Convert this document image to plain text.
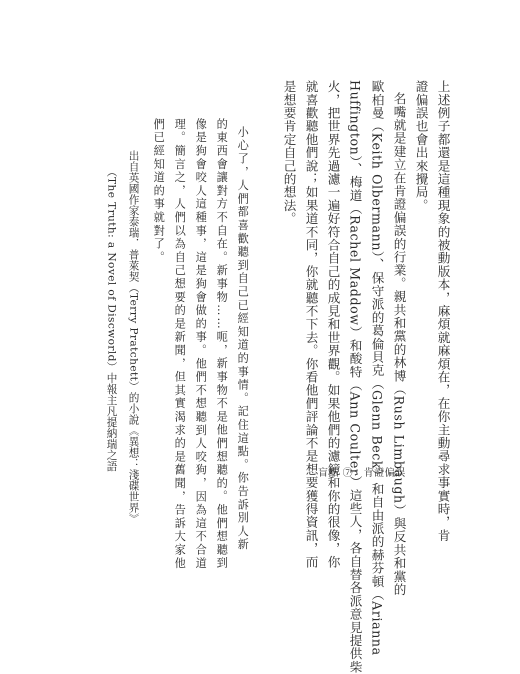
上述例子都還是這種現象的被動版本，麻煩就麻煩在，在你主動尋求事實時，肯

證偏誤也會出來攪局。

名嘴就是建立在肯證偏誤的行業。親共和黨的林博（Rush Limbaugh）與反共和黨的

歐柏曼（Keith Olbermann）、保守派的葛倫貝克（Glenn Beck）和自由派的赫芬頓（Arianna

Huffington）、梅道（Rachel Maddow）和酸特（Ann Coulter）這些人，各自替各派意見提供柴

火，把世界先過濾一遍好符合自己的成見和世界觀。如果他們的濾鏡和你的很像，你

就喜歡聽他們說；如果道不同，你就聽不下去。你看他們評論不是想要獲得資訊，而

是想要肯定自己的想法。

小心了，人們都喜歡聽到自己已經知道的事情。記住這點。你告訴別人新

的東西會讓對方不自在。新事物……呃，新事物不是他們想聽的。他們想聽到

像是狗會咬人這種事，這是狗會做的事。他們不想聽到人咬狗，因為這不合道

理。簡言之，人們以為自己想要的是新聞，但其實渴求的是舊聞，告訴大家他

們已經知道的事就對了。

出自英國作家泰瑞．普萊契（Terry Pratchett）的小說《異想：淺碟世界》

（The Truth: a Novel of Discworld）中報主凡提納瑞之語

盲點 ⑦：肯證偏誤
